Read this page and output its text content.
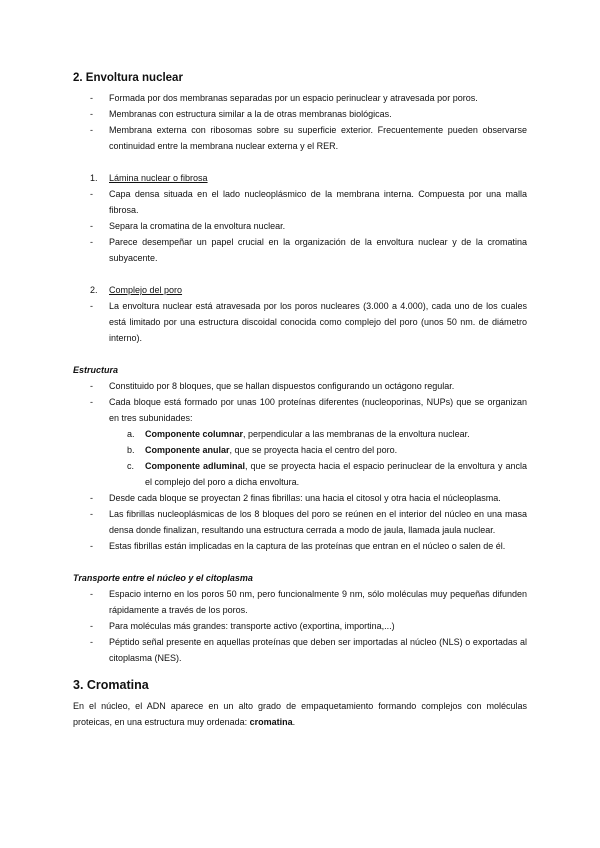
2. Envoltura nuclear
- Formada por dos membranas separadas por un espacio perinuclear y atravesada por poros.
- Membranas con estructura similar a la de otras membranas biológicas.
- Membrana externa con ribosomas sobre su superficie exterior. Frecuentemente pueden observarse continuidad entre la membrana nuclear externa y el RER.
1. Lámina nuclear o fibrosa
- Capa densa situada en el lado nucleoplásmico de la membrana interna. Compuesta por una malla fibrosa.
- Separa la cromatina de la envoltura nuclear.
- Parece desempeñar un papel crucial en la organización de la envoltura nuclear y de la cromatina subyacente.
2. Complejo del poro
- La envoltura nuclear está atravesada por los poros nucleares (3.000 a 4.000), cada uno de los cuales está limitado por una estructura discoidal conocida como complejo del poro (unos 50 nm. de diámetro interno).
Estructura
- Constituido por 8 bloques, que se hallan dispuestos configurando un octágono regular.
- Cada bloque está formado por unas 100 proteínas diferentes (nucleoporinas, NUPs) que se organizan en tres subunidades:
a. Componente columnar, perpendicular a las membranas de la envoltura nuclear.
b. Componente anular, que se proyecta hacia el centro del poro.
c. Componente adluminal, que se proyecta hacia el espacio perinuclear de la envoltura y ancla el complejo del poro a dicha envoltura.
- Desde cada bloque se proyectan 2 finas fibrillas: una hacia el citosol y otra hacia el núcleoplasma.
- Las fibrillas nucleoplásmicas de los 8 bloques del poro se reúnen en el interior del núcleo en una masa densa donde finalizan, resultando una estructura cerrada a modo de jaula, llamada jaula nuclear.
- Estas fibrillas están implicadas en la captura de las proteínas que entran en el núcleo o salen de él.
Transporte entre el núcleo y el citoplasma
- Espacio interno en los poros 50 nm, pero funcionalmente 9 nm, sólo moléculas muy pequeñas difunden rápidamente a través de los poros.
- Para moléculas más grandes: transporte activo (exportina, importina,...)
- Péptido señal presente en aquellas proteínas que deben ser importadas al núcleo (NLS) o exportadas al citoplasma (NES).
3. Cromatina
En el núcleo, el ADN aparece en un alto grado de empaquetamiento formando complejos con moléculas proteicas, en una estructura muy ordenada: cromatina.
